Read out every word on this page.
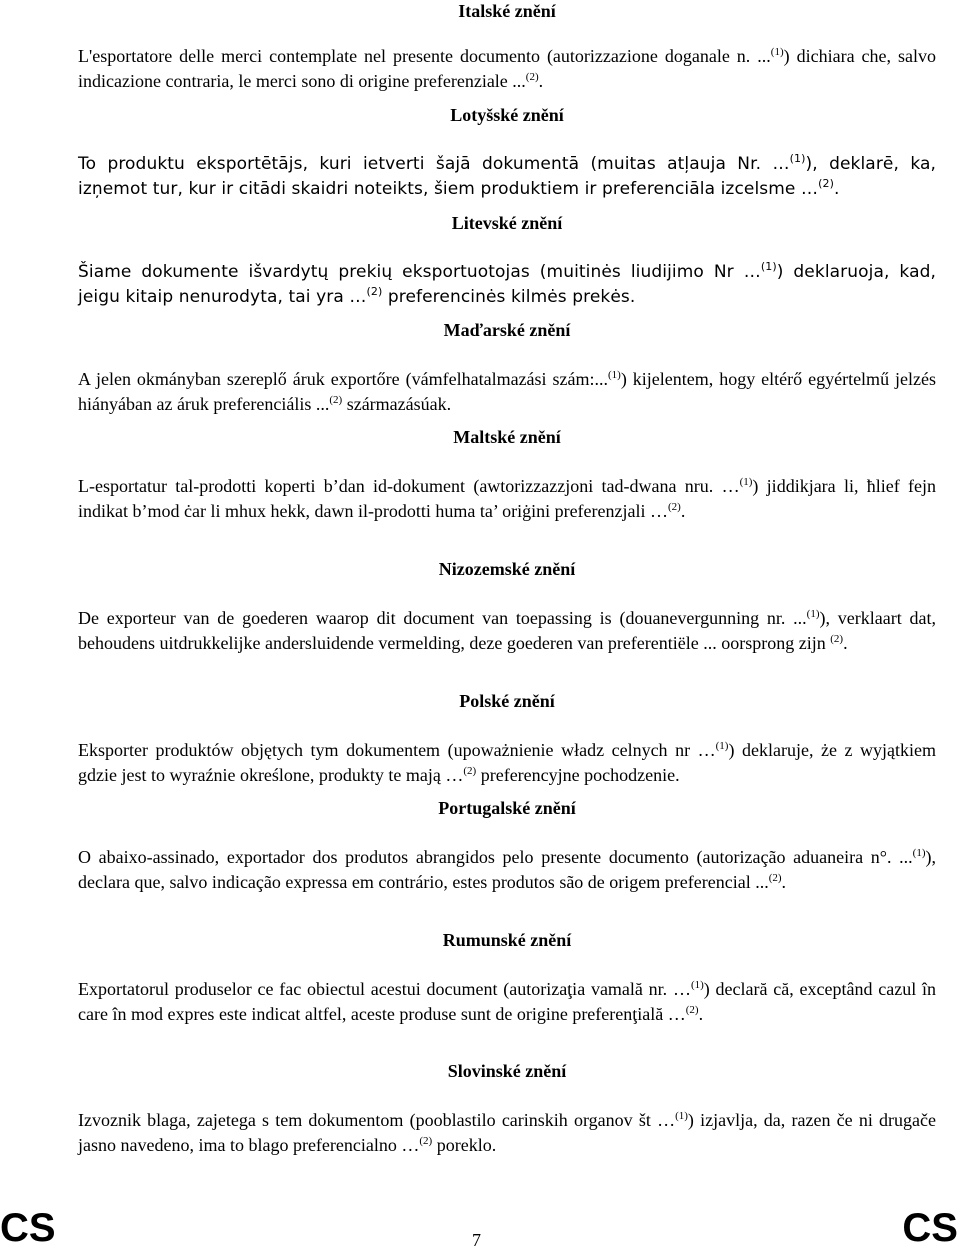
Italské znění
L'esportatore delle merci contemplate nel presente documento (autorizzazione doganale n. ...$^{(1)}$) dichiara che, salvo indicazione contraria, le merci sono di origine preferenziale ...$^{(2)}$.
Lotyšské znění
To produktu eksportētājs, kuri ietverti šajā dokumentā (muitas atļauja Nr. …$^{(1)}$), deklarē, ka, izņemot tur, kur ir citādi skaidri noteikts, šiem produktiem ir preferenciāla izcelsme …$^{(2)}$.
Litevské znění
Šiame dokumente išvardytų prekių eksportuotojas (muitinės liudijimo Nr …$^{(1)}$) deklaruoja, kad, jeigu kitaip nenurodyta, tai yra …$^{(2)}$ preferencinės kilmės prekės.
Maďarské znění
A jelen okmányban szereplő áruk exportőre (vámfelhatalmazási szám:...$^{(1)}$) kijelentem, hogy eltérő egyértelmű jelzés hiányában az áruk preferenciális ...$^{(2)}$ származásúak.
Maltské znění
L-esportatur tal-prodotti koperti b’dan id-dokument (awtorizzazzjoni tad-dwana nru. …$^{(1)}$) jiddikjara li, ħlief fejn indikat b’mod ċar li mhux hekk, dawn il-prodotti huma ta’ oriġini preferenzjali …$^{(2)}$.
Nizozemské znění
De exporteur van de goederen waarop dit document van toepassing is (douanevergunning nr. ...$^{(1)}$), verklaart dat, behoudens uitdrukkelijke andersluidende vermelding, deze goederen van preferentiële ... oorsprong zijn $^{(2)}$.
Polské znění
Eksporter produktów objętych tym dokumentem (upoważnienie władz celnych nr …$^{(1)}$) deklaruje, że z wyjątkiem gdzie jest to wyraźnie określone, produkty te mają …$^{(2)}$ preferencyjne pochodzenie.
Portugalské znění
O abaixo-assinado, exportador dos produtos abrangidos pelo presente documento (autorização aduaneira n°. ...$^{(1)}$), declara que, salvo indicação expressa em contrário, estes produtos são de origem preferencial ...$^{(2)}$.
Rumunské znění
Exportatorul produselor ce fac obiectul acestui document (autorizaţia vamală nr. …$^{(1)}$) declară că, exceptând cazul în care în mod expres este indicat altfel, aceste produse sunt de origine preferenţială …$^{(2)}$.
Slovinské znění
Izvoznik blaga, zajetega s tem dokumentom (pooblastilo carinskih organov št …$^{(1)}$) izjavlja, da, razen če ni drugače jasno navedeno, ima to blago preferencialno …$^{(2)}$ poreklo.
CS	7	CS
